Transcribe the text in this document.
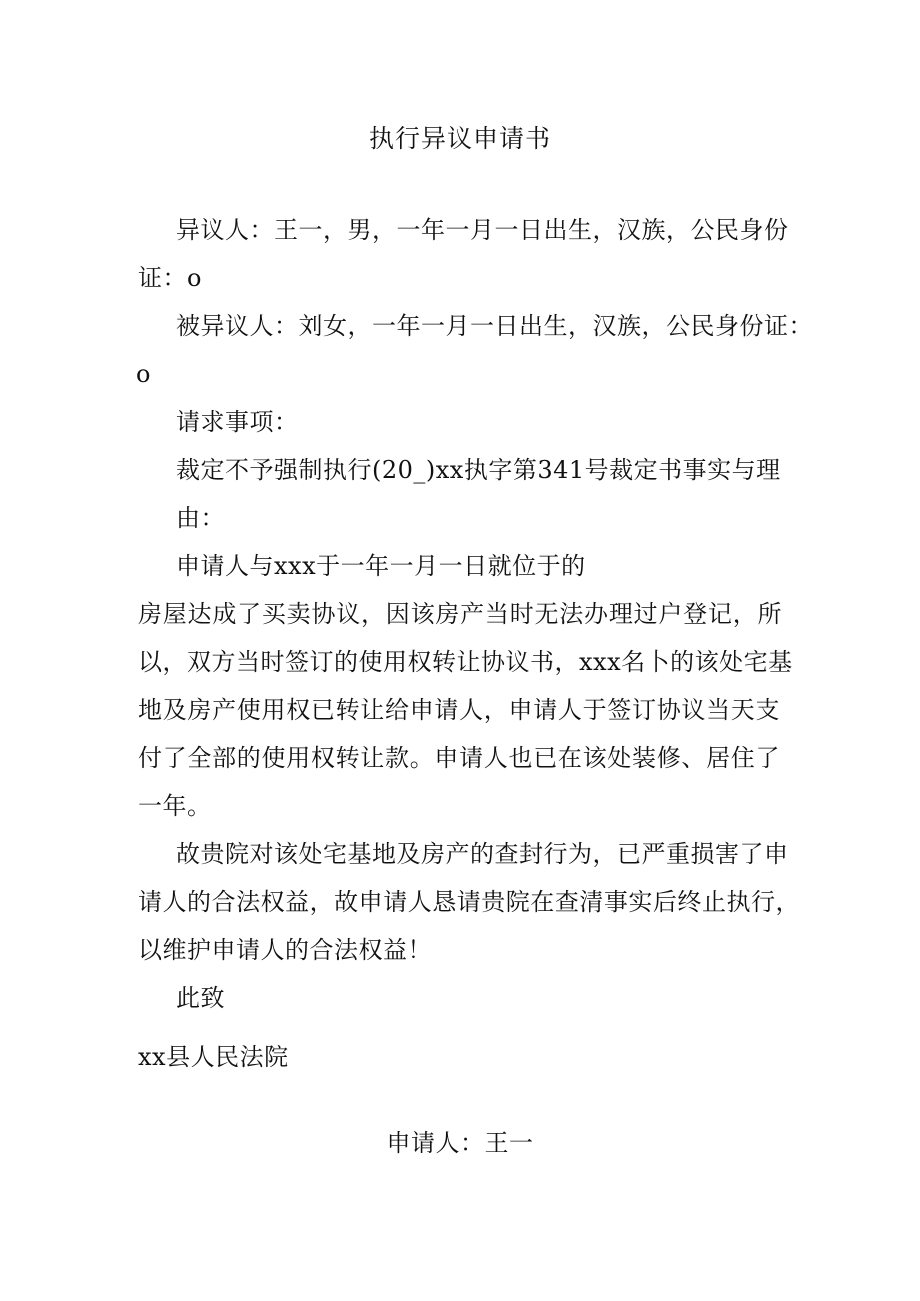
执行异议申请书
异议人：王一，男，一年一月一日出生，汉族，公民身份
证：o
被异议人：刘女，一年一月一日出生，汉族，公民身份证：
o
请求事项：
裁定不予强制执行(20_)xx执字第341号裁定书事实与理
由：
申请人与xxx于一年一月一日就位于的
房屋达成了买卖协议，因该房产当时无法办理过户登记，所
以，双方当时签订的使用权转让协议书，xxx名卜的该处宅基
地及房产使用权已转让给申请人，申请人于签订协议当天支
付了全部的使用权转让款。申请人也已在该处装修、居住了
一年。
故贵院对该处宅基地及房产的查封行为，已严重损害了申
请人的合法权益，故申请人恳请贵院在查清事实后终止执行，
以维护申请人的合法权益！
此致
xx县人民法院
申请人：王一
